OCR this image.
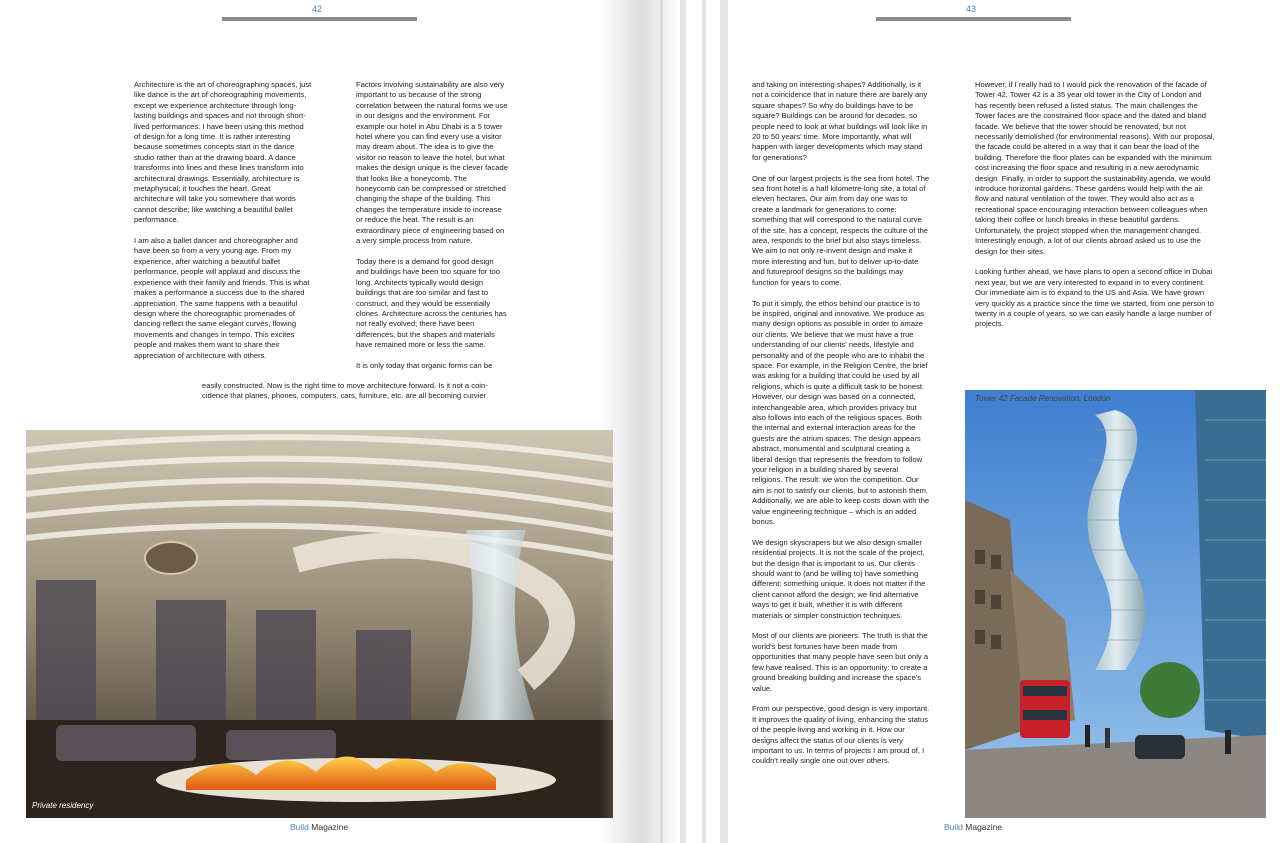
42

Architecture is the art of choreographing spaces, just like dance is the art of choreographing movements, except we experience architecture through long-lasting buildings and spaces and not through short-lived performances. I have been using this method of design for a long time. It is rather interesting because sometimes concepts start in the dance studio rather than at the drawing board. A dance transforms into lines and these lines transform into architectural drawings. Essentially, architecture is metaphysical; it touches the heart. Great architecture will take you somewhere that words cannot describe; like watching a beautiful ballet performance.

I am also a ballet dancer and choreographer and have been so from a very young age. From my experience, after watching a beautiful ballet performance, people will applaud and discuss the experience with their family and friends. This is what makes a performance a success due to the shared appreciation. The same happens with a beautiful design where the choreographic promenades of dancing reflect the same elegant curves, flowing movements and changes in tempo. This excites people and makes them want to share their appreciation of architecture with others.

Factors involving sustainability are also very important to us because of the strong correlation between the natural forms we use in our designs and the environment. For example our hotel in Abu Dhabi is a 5 tower hotel where you can find every use a visitor may dream about. The idea is to give the visitor no reason to leave the hotel, but what makes the design unique is the clever facade that looks like a honeycomb. The honeycomb can be compressed or stretched changing the shape of the building. This changes the temperature inside to increase or reduce the heat. The result is an extraordinary piece of engineering based on a very simple process from nature.

Today there is a demand for good design and buildings have been too square for too long. Architects typically would design buildings that are too similar and fast to construct, and they would be essentially clones. Architecture across the centuries has not really evolved; there have been differences, but the shapes and materials have remained more or less the same.

It is only today that organic forms can be

easily constructed. Now is the right time to move architecture forward. Is it not a coin-
cidence that planes, phones, computers, cars, furniture, etc. are all becoming curvier
Private residency
Build Magazine
43

and taking on interesting shapes? Additionally, is it not a coincidence that in nature there are barely any square shapes? So why do buildings have to be square? Buildings can be around for decades, so people need to look at what buildings will look like in 20 to 50 years' time. More importantly, what will happen with larger developments which may stand for generations?

One of our largest projects is the sea front hotel. The sea front hotel is a half kilometre-long site, a total of eleven hectares. Our aim from day one was to create a landmark for generations to come: something that will correspond to the natural curve of the site, has a concept, respects the culture of the area, responds to the brief but also stays timeless. We aim to not only re-invent design and make it more interesting and fun, but to deliver up-to-date and futureproof designs so the buildings may function for years to come.

To put it simply, the ethos behind our practice is to be inspired, original and innovative. We produce as many design options as possible in order to amaze our clients. We believe that we must have a true understanding of our clients' needs, lifestyle and personality and of the people who are to inhabit the space. For example, in the Religion Centre, the brief was asking for a building that could be used by all religions, which is quite a difficult task to be honest. However, our design was based on a connected, interchangeable area, which provides privacy but also follows into each of the religious spaces. Both the internal and external interaction areas for the guests are the atrium spaces. The design appears abstract, monumental and sculptural creating a liberal design that represents the freedom to follow your religion in a building shared by several religions. The result: we won the competition. Our aim is not to satisfy our clients, but to astonish them. Additionally, we are able to keep costs down with the value engineering technique – which is an added bonus.

We design skyscrapers but we also design smaller residential projects. It is not the scale of the project, but the design that is important to us. Our clients should want to (and be willing to) have something different; something unique. It does not matter if the client cannot afford the design; we find alternative ways to get it built, whether it is with different materials or simpler construction techniques.

Most of our clients are pioneers. The truth is that the world's best fortunes have been made from opportunities that many people have seen but only a few have realised. This is an opportunity: to create a ground breaking building and increase the space's value.

From our perspective, good design is very important. It improves the quality of living, enhancing the status of the people living and working in it. How our designs affect the status of our clients is very important to us. In terms of projects I am proud of, I couldn't really single one out over others.

However, if I really had to I would pick the renovation of the facade of Tower 42. Tower 42 is a 35 year old tower in the City of London and has recently been refused a listed status. The main challenges the Tower faces are the constrained floor space and the dated and bland facade. We believe that the tower should be renovated, but not necessarily demolished (for environmental reasons). With our proposal, the facade could be altered in a way that it can bear the load of the building. Therefore the floor plates can be expanded with the minimum cost increasing the floor space and resulting in a new aerodynamic design. Finally, in order to support the sustainability agenda, we would introduce horizontal gardens. These gardens would help with the air flow and natural ventilation of the tower. They would also act as a recreational space encouraging interaction between colleagues when taking their coffee or lunch breaks in these beautiful gardens. Unfortunately, the project stopped when the management changed. Interestingly enough, a lot of our clients abroad asked us to use the design for their sites.

Looking further ahead, we have plans to open a second office in Dubai next year, but we are very interested to expand in to every continent. Our immediate aim is to expand to the US and Asia. We have grown very quickly as a practice since the time we started, from one person to twenty in a couple of years, so we can easily handle a large number of projects.

Tower 42 Facade Renovation, London
Build Magazine
